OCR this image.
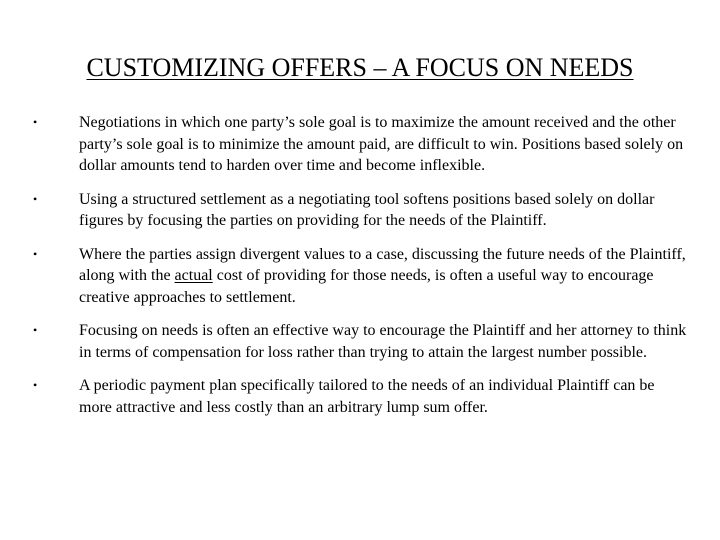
CUSTOMIZING OFFERS – A FOCUS ON NEEDS
•	Negotiations in which one party’s sole goal is to maximize the amount received and the other party’s sole goal is to minimize the amount paid, are difficult to win. Positions based solely on dollar amounts tend to harden over time and become inflexible.
•	Using a structured settlement as a negotiating tool softens positions based solely on dollar figures by focusing the parties on providing for the needs of the Plaintiff.
•	Where the parties assign divergent values to a case, discussing the future needs of the Plaintiff, along with the actual cost of providing for those needs, is often a useful way to encourage creative approaches to settlement.
•	Focusing on needs is often an effective way to encourage the Plaintiff and her attorney to think in terms of compensation for loss rather than trying to attain the largest number possible.
•	A periodic payment plan specifically tailored to the needs of an individual Plaintiff can be more attractive and less costly than an arbitrary lump sum offer.
